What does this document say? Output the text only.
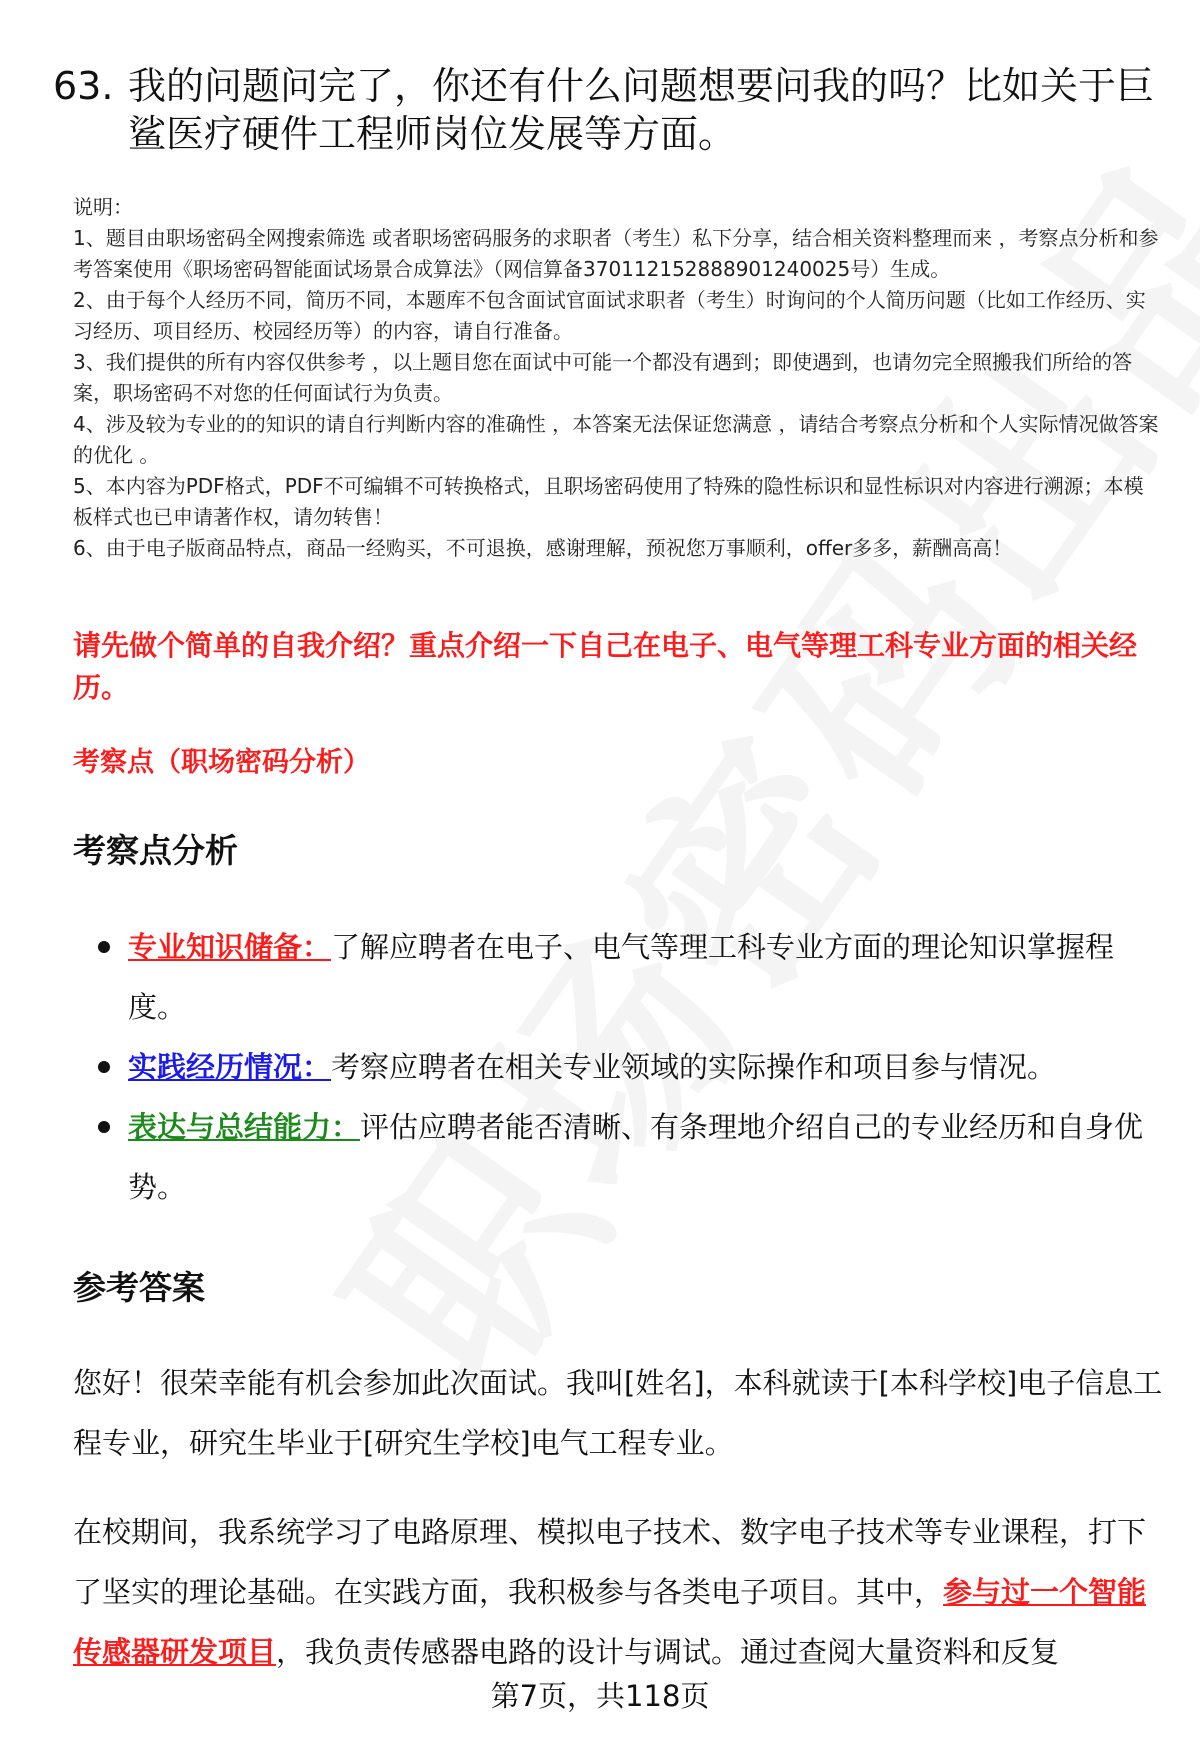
63. 我的问题问完了，你还有什么问题想要问我的吗？比如关于巨鲨医疗硬件工程师岗位发展等方面。
说明：
1、题目由职场密码全网搜索筛选 或者职场密码服务的求职者（考生）私下分享，结合相关资料整理而来 ，考察点分析和参考答案使用《职场密码智能面试场景合成算法》（网信算备370112152888901240025号）生成。
2、由于每个人经历不同，简历不同，本题库不包含面试官面试求职者（考生）时询问的个人简历问题（比如工作经历、实习经历、项目经历、校园经历等）的内容，请自行准备。
3、我们提供的所有内容仅供参考 ，以上题目您在面试中可能一个都没有遇到；即使遇到，也请勿完全照搬我们所给的答案，职场密码不对您的任何面试行为负责。
4、涉及较为专业的的知识的请自行判断内容的准确性 ，本答案无法保证您满意 ，请结合考察点分析和个人实际情况做答案的优化 。
5、本内容为PDF格式，PDF不可编辑不可转换格式，且职场密码使用了特殊的隐性标识和显性标识对内容进行溯源；本模板样式也已申请著作权，请勿转售！
6、由于电子版商品特点，商品一经购买，不可退换，感谢理解，预祝您万事顺利，offer多多，薪酬高高！
请先做个简单的自我介绍？重点介绍一下自己在电子、电气等理工科专业方面的相关经历。
考察点（职场密码分析）
考察点分析
专业知识储备：了解应聘者在电子、电气等理工科专业方面的理论知识掌握程度。
实践经历情况：考察应聘者在相关专业领域的实际操作和项目参与情况。
表达与总结能力：评估应聘者能否清晰、有条理地介绍自己的专业经历和自身优势。
参考答案
您好！很荣幸能有机会参加此次面试。我叫[姓名]，本科就读于[本科学校]电子信息工程专业，研究生毕业于[研究生学校]电气工程专业。
在校期间，我系统学习了电路原理、模拟电子技术、数字电子技术等专业课程，打下了坚实的理论基础。在实践方面，我积极参与各类电子项目。其中，参与过一个智能传感器研发项目，我负责传感器电路的设计与调试。通过查阅大量资料和反复
第7页，共118页
